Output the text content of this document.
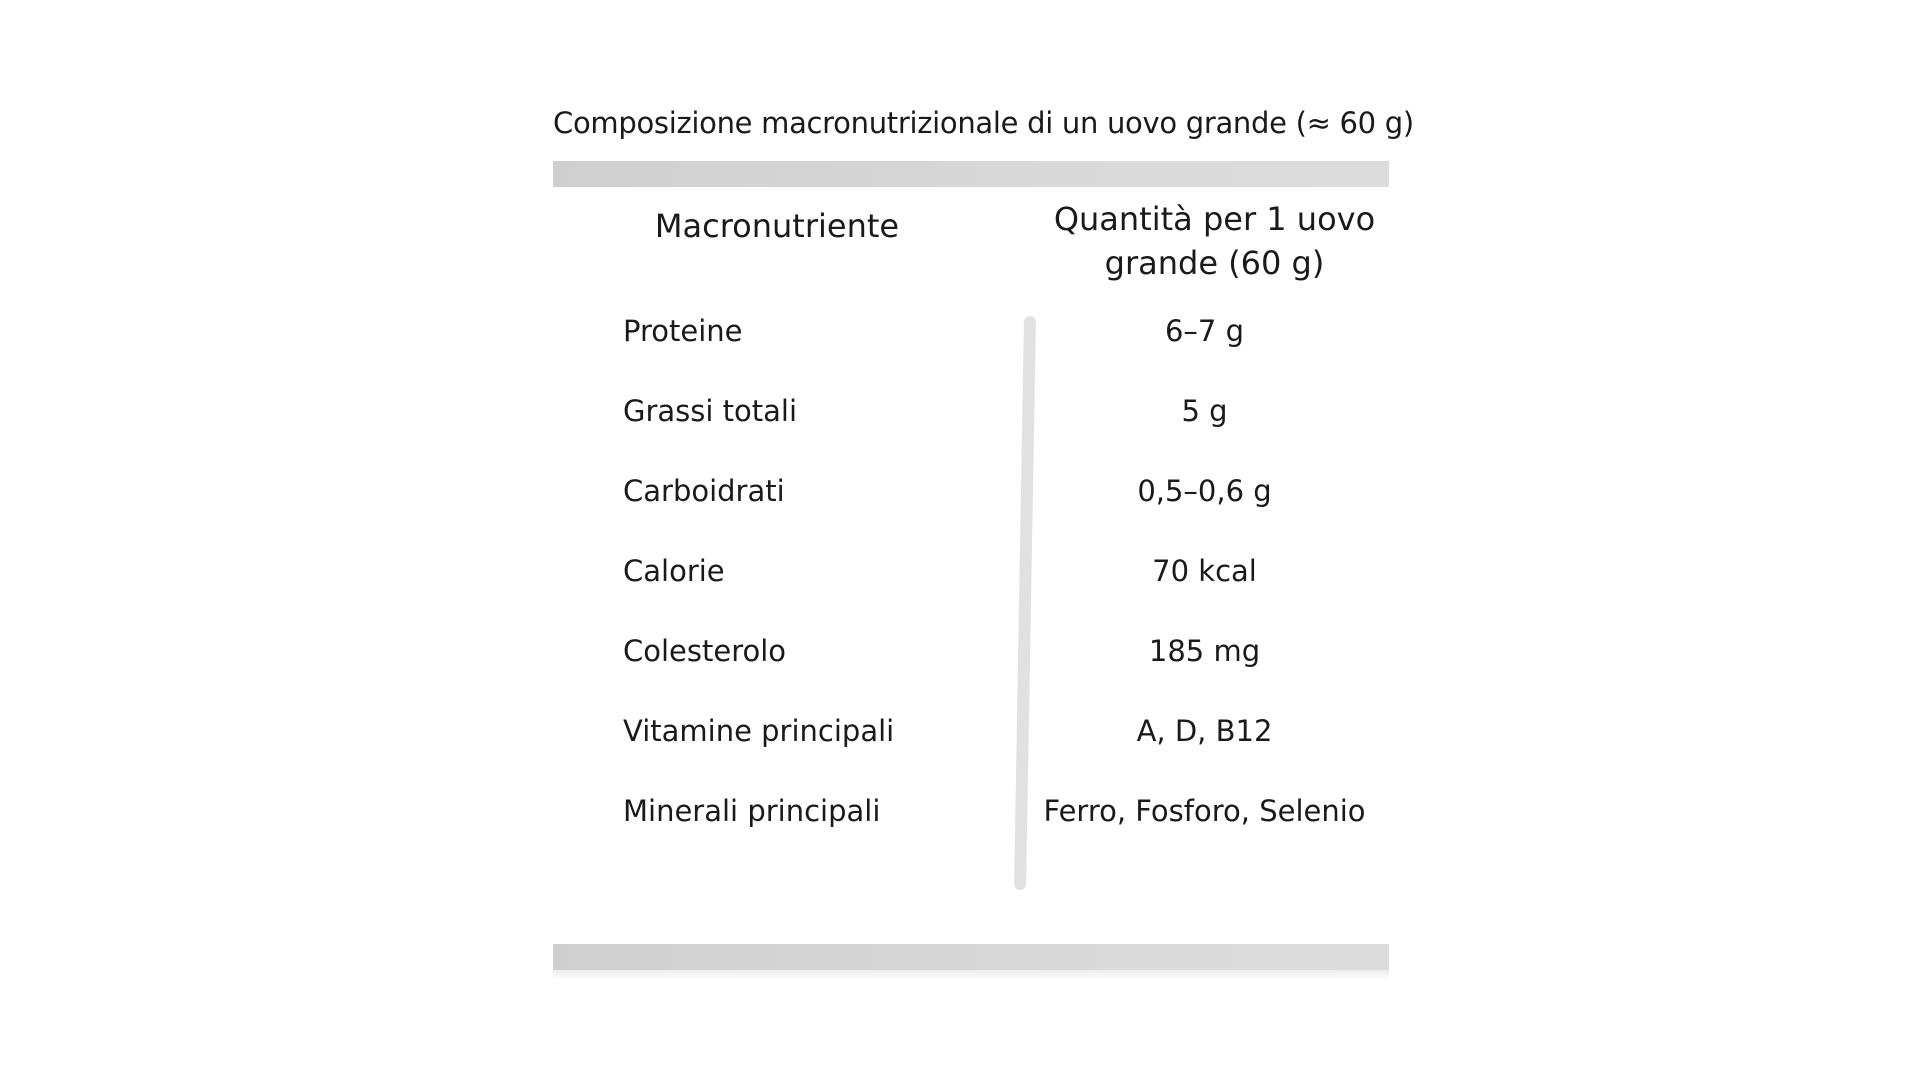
Composizione macronutrizionale di un uovo grande (≈ 60 g)
Macronutriente	Quantità per 1 uovo grande (60 g)
Proteine	6–7 g
Grassi totali	5 g
Carboidrati	0,5–0,6 g
Calorie	70 kcal
Colesterolo	185 mg
Vitamine principali	A, D, B12
Minerali principali	Ferro, Fosforo, Selenio
